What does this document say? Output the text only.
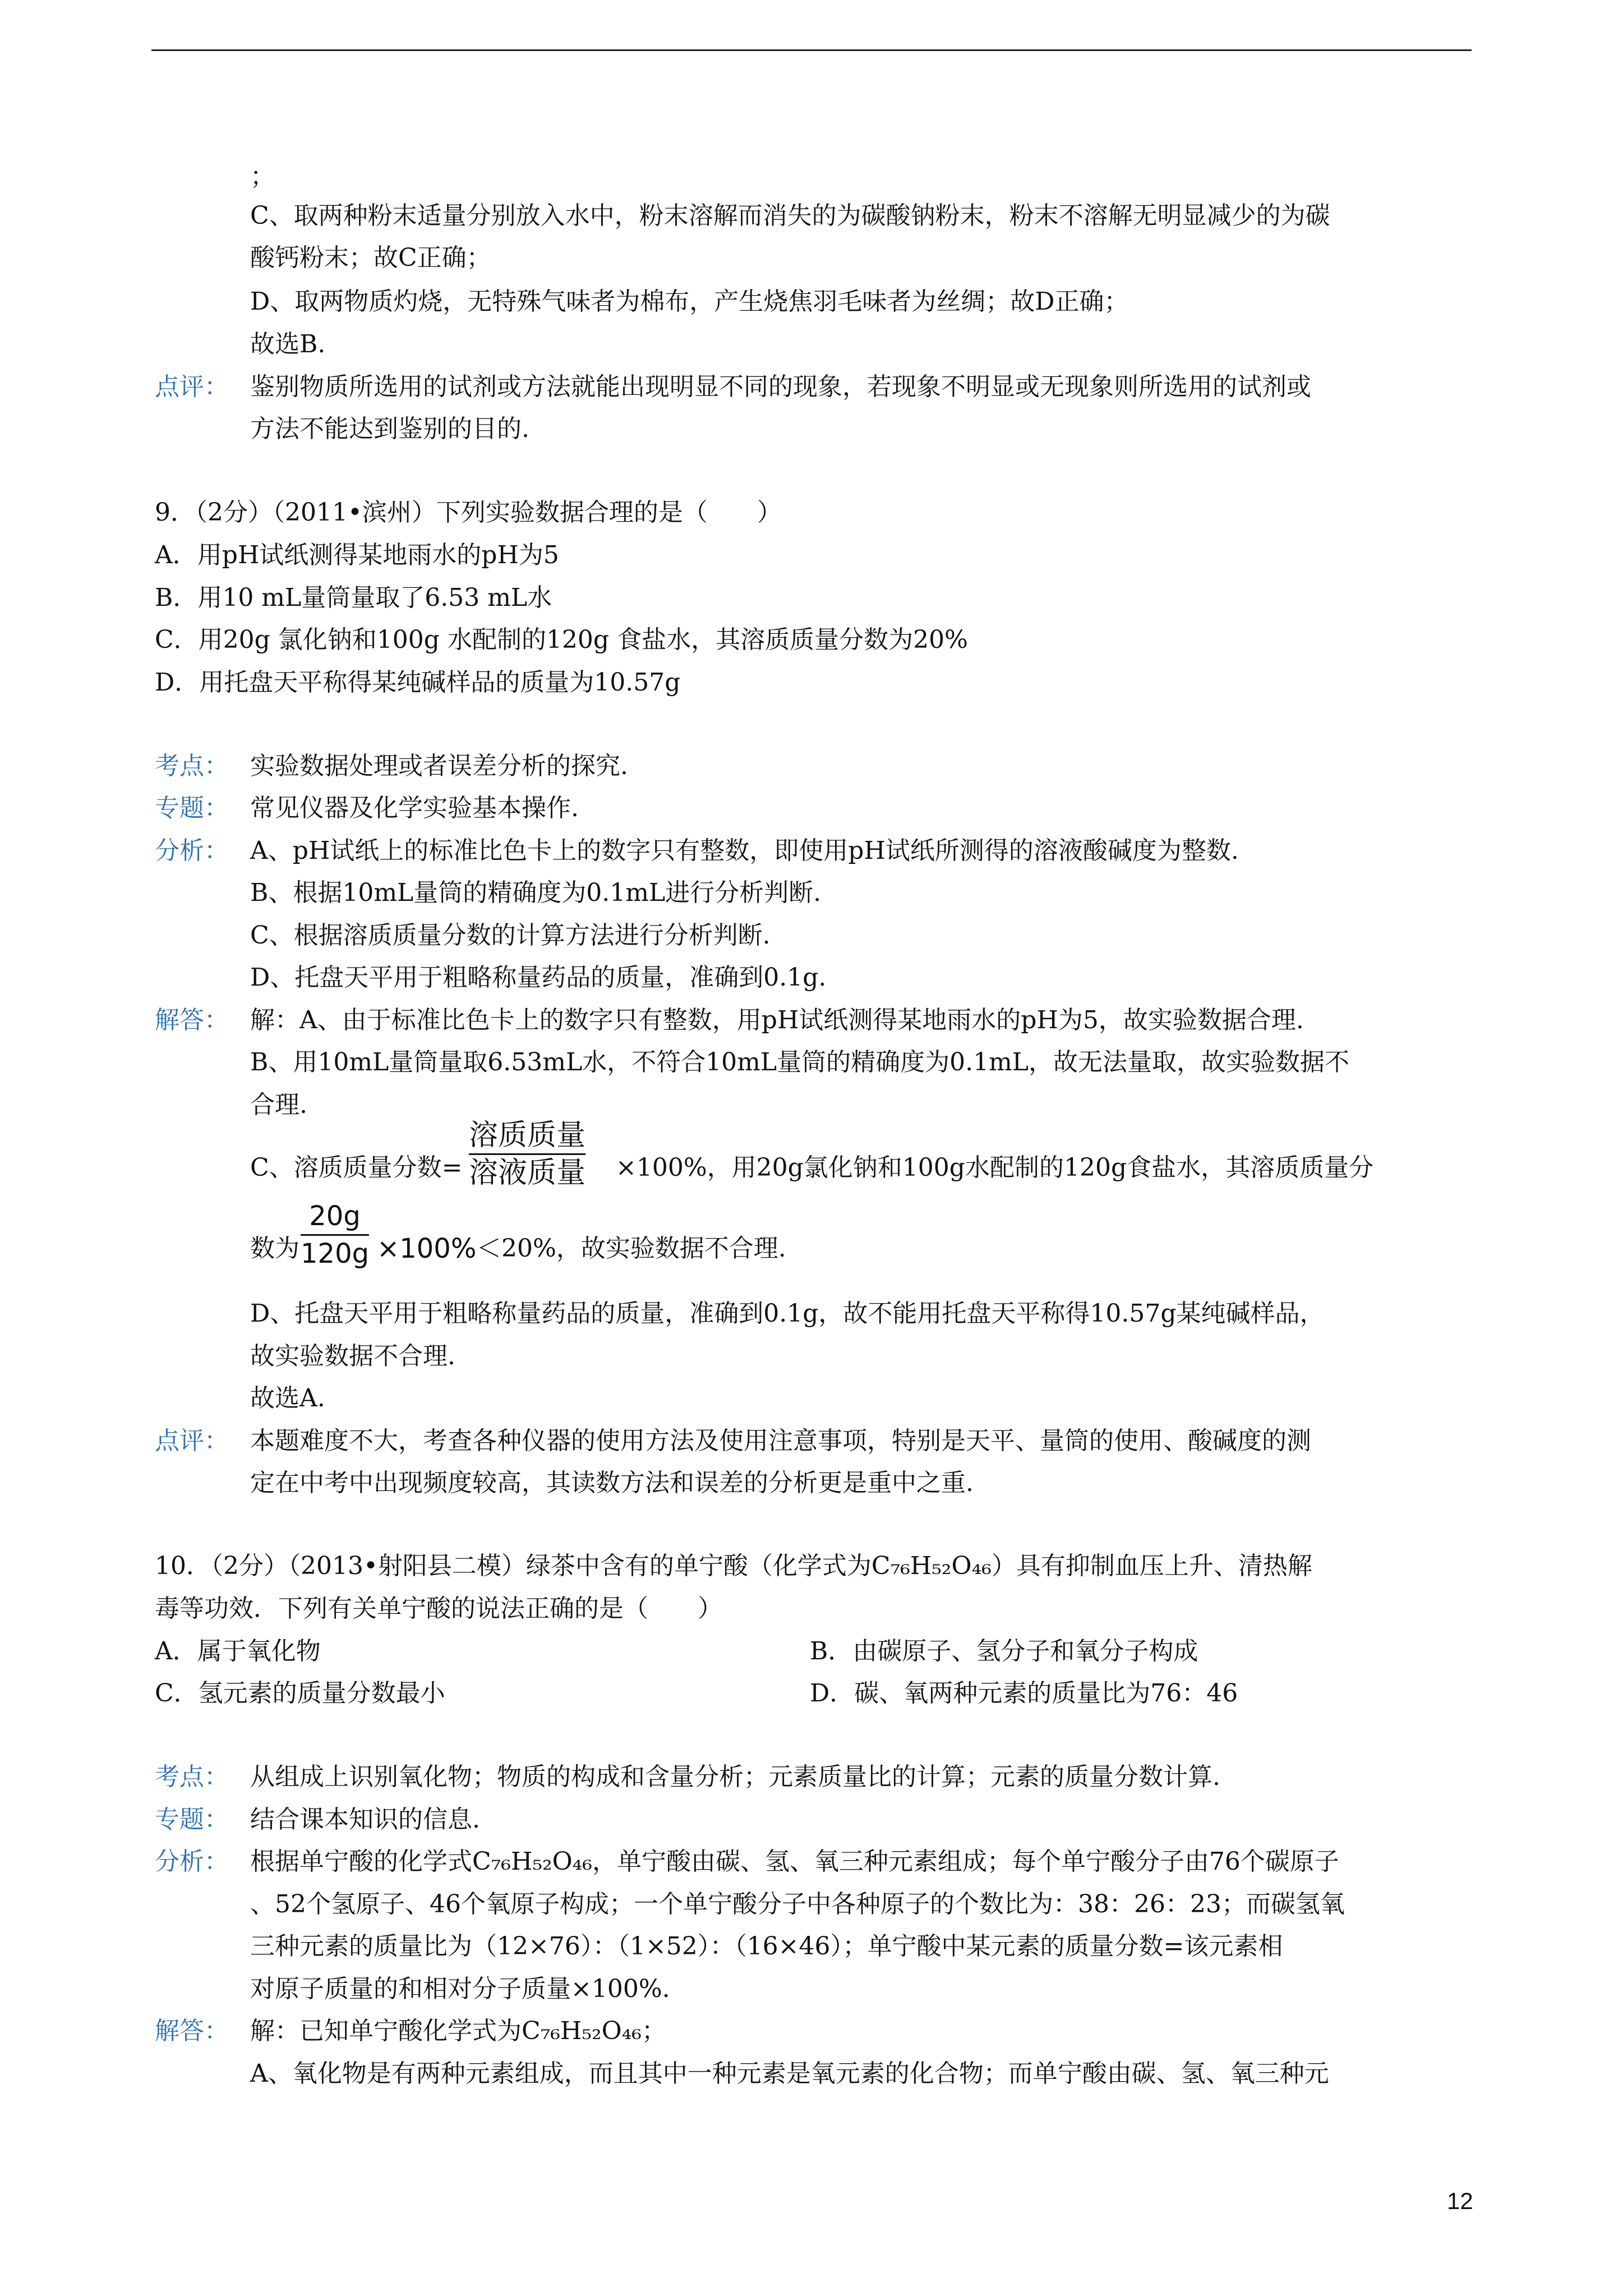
；
C、取两种粉末适量分别放入水中，粉末溶解而消失的为碳酸钠粉末，粉末不溶解无明显减少的为碳
酸钙粉末；故C正确；
D、取两物质灼烧，无特殊气味者为棉布，产生烧焦羽毛味者为丝绸；故D正确；
故选B.
点评： 鉴别物质所选用的试剂或方法就能出现明显不同的现象，若现象不明显或无现象则所选用的试剂或
方法不能达到鉴别的目的.
9．（2分）（2011•滨州）下列实验数据合理的是（　　）
A．用pH试纸测得某地雨水的pH为5
B．用10 mL量筒量取了6.53 mL水
C．用20g 氯化钠和100g 水配制的120g 食盐水，其溶质质量分数为20%
D．用托盘天平称得某纯碱样品的质量为10.57g
考点： 实验数据处理或者误差分析的探究.
专题： 常见仪器及化学实验基本操作.
分析： A、pH试纸上的标准比色卡上的数字只有整数，即使用pH试纸所测得的溶液酸碱度为整数.
B、根据10mL量筒的精确度为0.1mL进行分析判断.
C、根据溶质质量分数的计算方法进行分析判断.
D、托盘天平用于粗略称量药品的质量，准确到0.1g.
解答： 解：A、由于标准比色卡上的数字只有整数，用pH试纸测得某地雨水的pH为5，故实验数据合理.
B、用10mL量筒量取6.53mL水，不符合10mL量筒的精确度为0.1mL，故无法量取，故实验数据不
合理.
C、溶质质量分数=
溶质质量
溶液质量 ×100%，用20g氯化钠和100g水配制的120g食盐水，其溶质质量分
数为
20g
120g ×100% ＜20%，故实验数据不合理.
D、托盘天平用于粗略称量药品的质量，准确到0.1g，故不能用托盘天平称得10.57g某纯碱样品，
故实验数据不合理.
故选A.
点评： 本题难度不大，考查各种仪器的使用方法及使用注意事项，特别是天平、量筒的使用、酸碱度的测
定在中考中出现频度较高，其读数方法和误差的分析更是重中之重.
10．（2分）（2013•射阳县二模）绿茶中含有的单宁酸（化学式为C₇₆H₅₂O₄₆）具有抑制血压上升、清热解
毒等功效．下列有关单宁酸的说法正确的是（　　）
A．属于氧化物	B．由碳原子、氢分子和氧分子构成
C．氢元素的质量分数最小	D．碳、氧两种元素的质量比为76：46
考点： 从组成上识别氧化物；物质的构成和含量分析；元素质量比的计算；元素的质量分数计算.
专题： 结合课本知识的信息.
分析： 根据单宁酸的化学式C₇₆H₅₂O₄₆，单宁酸由碳、氢、氧三种元素组成；每个单宁酸分子由76个碳原子
、52个氢原子、46个氧原子构成；一个单宁酸分子中各种原子的个数比为：38：26：23；而碳氢氧
三种元素的质量比为（12×76）：（1×52）：（16×46）；单宁酸中某元素的质量分数=该元素相
对原子质量的和相对分子质量×100%.
解答： 解：已知单宁酸化学式为C₇₆H₅₂O₄₆；
A、氧化物是有两种元素组成，而且其中一种元素是氧元素的化合物；而单宁酸由碳、氢、氧三种元
12
